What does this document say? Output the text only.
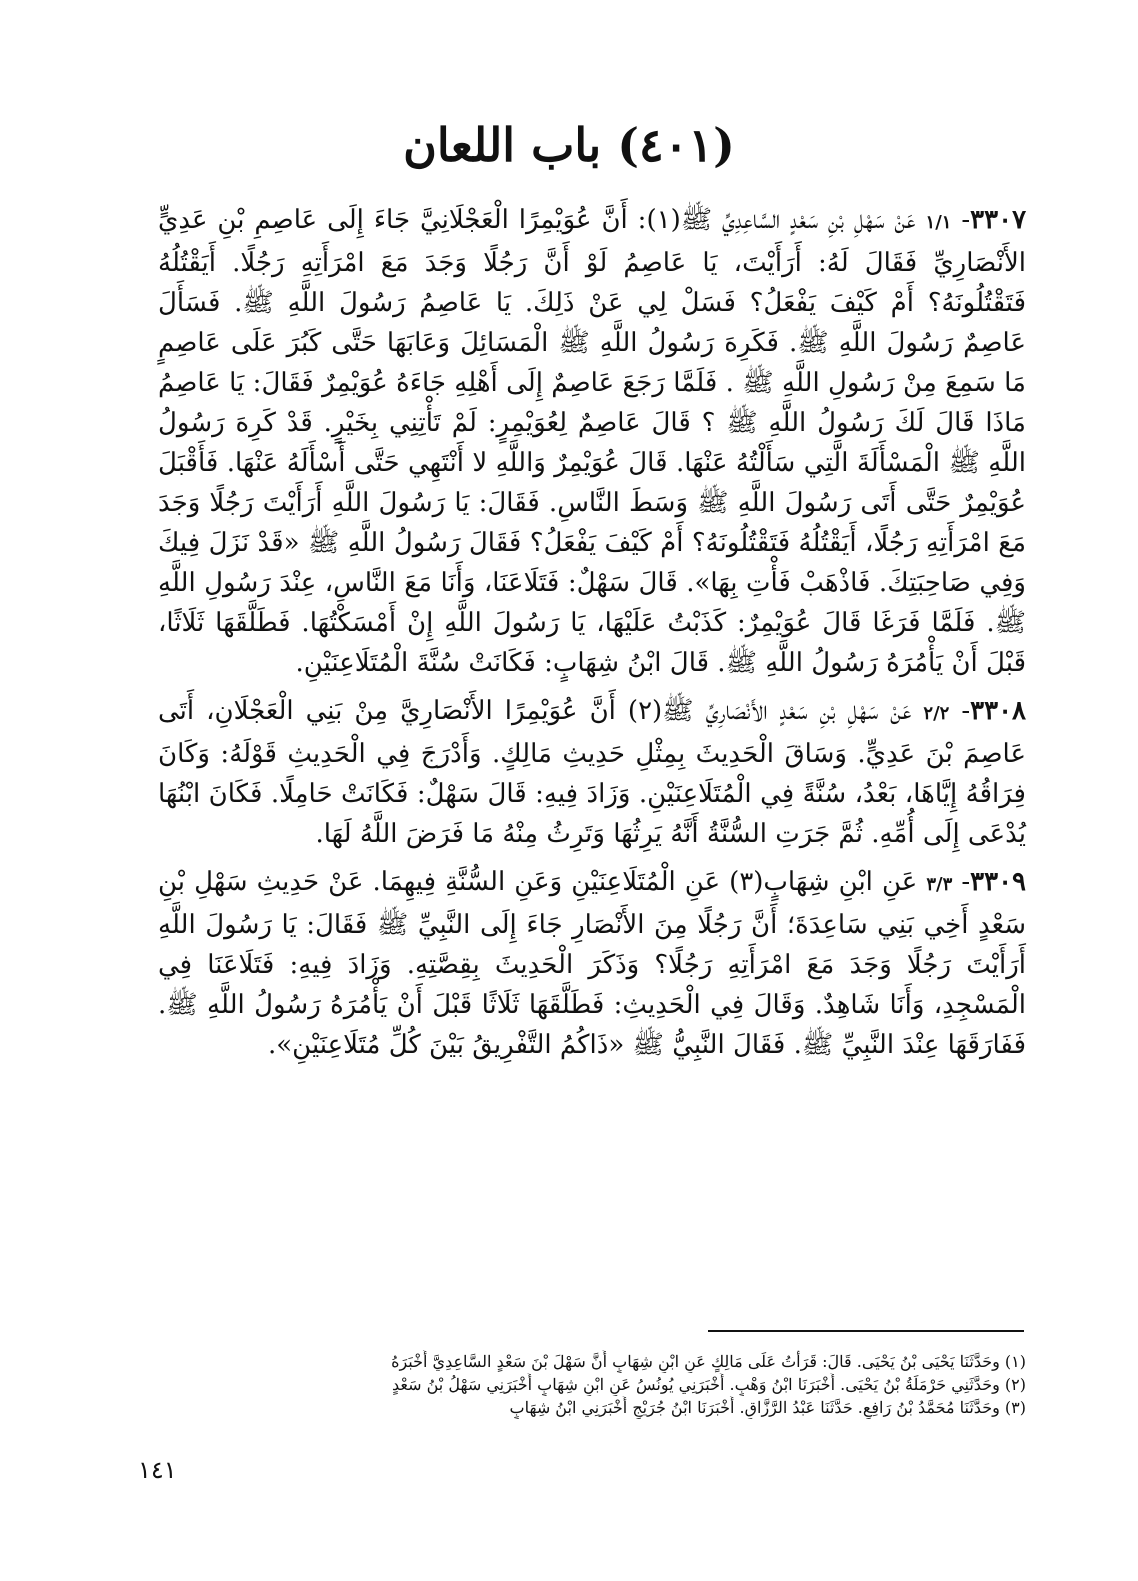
(٤٠١) باب اللعان

٣٣٠٧- ١/١ عَنْ سَهْلِ بْنِ سَعْدٍ السَّاعِدِيِّ ﷺ(١): أَنَّ عُوَيْمِرًا الْعَجْلَانِيَّ جَاءَ إِلَى عَاصِمِ بْنِ عَدِيٍّ الأَنْصَارِيِّ فَقَالَ لَهُ: أَرَأَيْتَ، يَا عَاصِمُ لَوْ أَنَّ رَجُلًا وَجَدَ مَعَ امْرَأَتِهِ رَجُلًا. أَيَقْتُلُهُ فَتَقْتُلُونَهُ؟ أَمْ كَيْفَ يَفْعَلُ؟ فَسَلْ لِي عَنْ ذَلِكَ. يَا عَاصِمُ رَسُولَ اللَّهِ ﷺ. فَسَأَلَ عَاصِمٌ رَسُولَ اللَّهِ ﷺ. فَكَرِهَ رَسُولُ اللَّهِ ﷺ الْمَسَائِلَ وَعَابَهَا حَتَّى كَبُرَ عَلَى عَاصِمٍ مَا سَمِعَ مِنْ رَسُولِ اللَّهِ ﷺ . فَلَمَّا رَجَعَ عَاصِمٌ إِلَى أَهْلِهِ جَاءَهُ عُوَيْمِرٌ فَقَالَ: يَا عَاصِمُ مَاذَا قَالَ لَكَ رَسُولُ اللَّهِ ﷺ ؟ قَالَ عَاصِمٌ لِعُوَيْمِرٍ: لَمْ تَأْتِنِي بِخَيْرٍ. قَدْ كَرِهَ رَسُولُ اللَّهِ ﷺ الْمَسْأَلَةَ الَّتِي سَأَلْتُهُ عَنْهَا. قَالَ عُوَيْمِرٌ وَاللَّهِ لا أَنْتَهِي حَتَّى أَسْأَلَهُ عَنْهَا. فَأَقْبَلَ عُوَيْمِرٌ حَتَّى أَتَى رَسُولَ اللَّهِ ﷺ وَسَطَ النَّاسِ. فَقَالَ: يَا رَسُولَ اللَّهِ أَرَأَيْتَ رَجُلًا وَجَدَ مَعَ امْرَأَتِهِ رَجُلًا، أَيَقْتُلُهُ فَتَقْتُلُونَهُ؟ أَمْ كَيْفَ يَفْعَلُ؟ فَقَالَ رَسُولُ اللَّهِ ﷺ «قَدْ نَزَلَ فِيكَ وَفِي صَاحِبَتِكَ. فَاذْهَبْ فَأْتِ بِهَا». قَالَ سَهْلٌ: فَتَلَاعَنَا، وَأَنَا مَعَ النَّاسِ، عِنْدَ رَسُولِ اللَّهِ ﷺ. فَلَمَّا فَرَغَا قَالَ عُوَيْمِرٌ: كَذَبْتُ عَلَيْهَا، يَا رَسُولَ اللَّهِ إِنْ أَمْسَكْتُهَا. فَطَلَّقَهَا ثَلَاثًا، قَبْلَ أَنْ يَأْمُرَهُ رَسُولُ اللَّهِ ﷺ. قَالَ ابْنُ شِهَابٍ: فَكَانَتْ سُنَّةَ الْمُتَلَاعِنَيْنِ.

٣٣٠٨- ٢/٢ عَنْ سَهْلِ بْنِ سَعْدٍ الأَنْصَارِيِّ ﷺ(٢) أَنَّ عُوَيْمِرًا الأَنْصَارِيَّ مِنْ بَنِي الْعَجْلَانِ، أَتَى عَاصِمَ بْنَ عَدِيٍّ. وَسَاقَ الْحَدِيثَ بِمِثْلِ حَدِيثِ مَالِكٍ. وَأَدْرَجَ فِي الْحَدِيثِ قَوْلَهُ: وَكَانَ فِرَاقُهُ إِيَّاهَا، بَعْدُ، سُنَّةً فِي الْمُتَلَاعِنَيْنِ. وَزَادَ فِيهِ: قَالَ سَهْلٌ: فَكَانَتْ حَامِلًا. فَكَانَ ابْنُهَا يُدْعَى إِلَى أُمِّهِ. ثُمَّ جَرَتِ السُّنَّةُ أَنَّهُ يَرِثُهَا وَتَرِثُ مِنْهُ مَا فَرَضَ اللَّهُ لَهَا.

٣٣٠٩- ٣/٣ عَنِ ابْنِ شِهَابٍ(٣) عَنِ الْمُتَلَاعِنَيْنِ وَعَنِ السُّنَّةِ فِيهِمَا. عَنْ حَدِيثِ سَهْلِ بْنِ سَعْدٍ أَخِي بَنِي سَاعِدَةَ؛ أَنَّ رَجُلًا مِنَ الأَنْصَارِ جَاءَ إِلَى النَّبِيِّ ﷺ فَقَالَ: يَا رَسُولَ اللَّهِ أَرَأَيْتَ رَجُلًا وَجَدَ مَعَ امْرَأَتِهِ رَجُلًا؟ وَذَكَرَ الْحَدِيثَ بِقِصَّتِهِ. وَزَادَ فِيهِ: فَتَلَاعَنَا فِي الْمَسْجِدِ، وَأَنَا شَاهِدٌ. وَقَالَ فِي الْحَدِيثِ: فَطَلَّقَهَا ثَلَاثًا قَبْلَ أَنْ يَأْمُرَهُ رَسُولُ اللَّهِ ﷺ. فَفَارَقَهَا عِنْدَ النَّبِيِّ ﷺ. فَقَالَ النَّبِيُّ ﷺ «ذَاكُمُ التَّفْرِيقُ بَيْنَ كُلِّ مُتَلَاعِنَيْنِ».

(١) وحَدَّثَنَا يَحْيَى بْنُ يَحْيَى. قَالَ: قَرَأْتُ عَلَى مَالِكٍ عَنِ ابْنِ شِهَابٍ أَنَّ سَهْلَ بْنَ سَعْدٍ السَّاعِدِيَّ أَخْبَرَهُ

(٢) وحَدَّثَنِي حَرْمَلَةُ بْنُ يَحْيَى. أَخْبَرَنَا ابْنُ وَهْبٍ. أَخْبَرَنِي يُونُسُ عَنِ ابْنِ شِهَابٍ أَخْبَرَنِي سَهْلُ بْنُ سَعْدٍ

(٣) وحَدَّثَنَا مُحَمَّدُ بْنُ رَافِعٍ. حَدَّثَنَا عَبْدُ الرَّزَّاقِ. أَخْبَرَنَا ابْنُ جُرَيْجٍ أَخْبَرَنِي ابْنُ شِهَابٍ

١٤١
